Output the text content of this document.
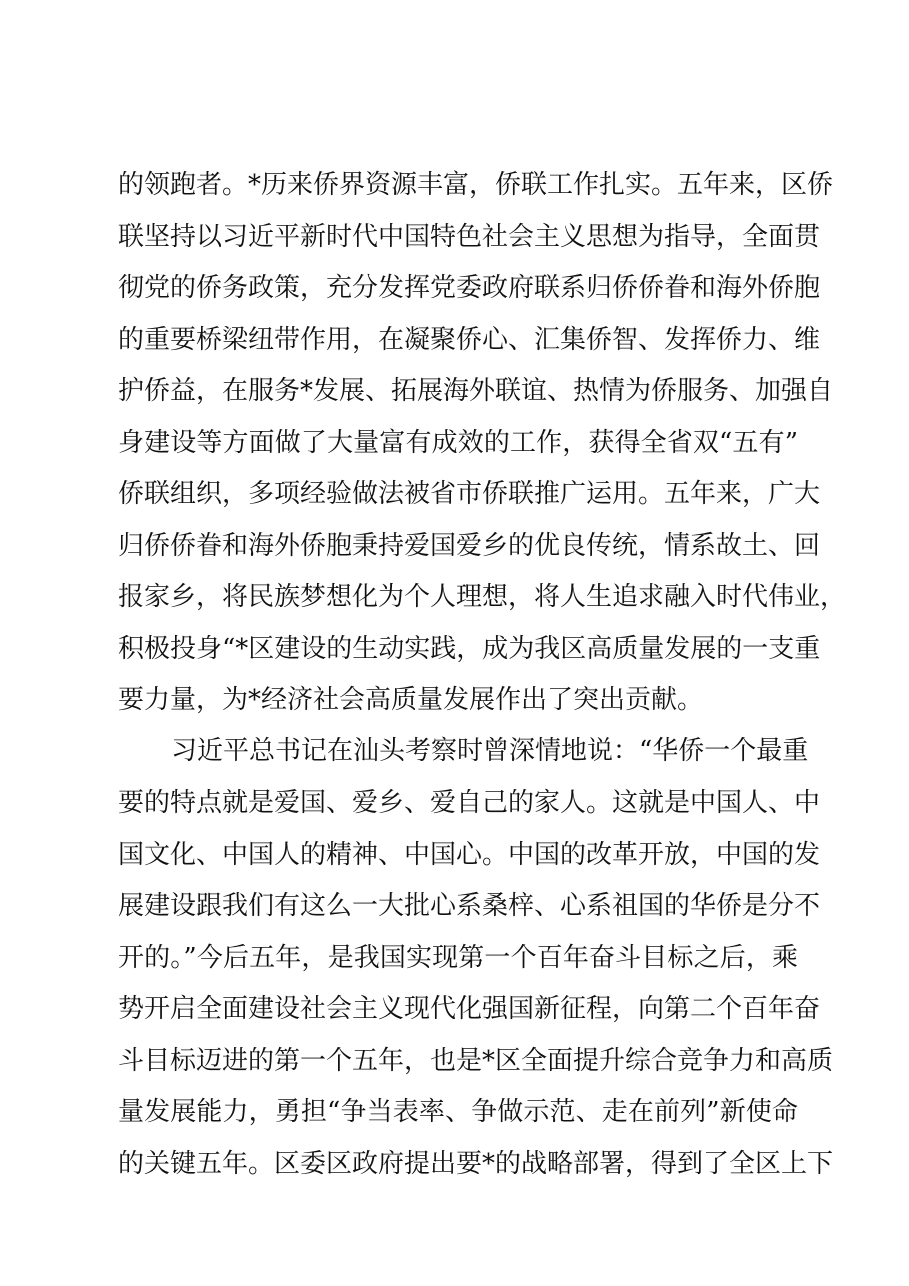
的领跑者。*历来侨界资源丰富，侨联工作扎实。五年来，区侨
联坚持以习近平新时代中国特色社会主义思想为指导，全面贯
彻党的侨务政策，充分发挥党委政府联系归侨侨眷和海外侨胞
的重要桥梁纽带作用，在凝聚侨心、汇集侨智、发挥侨力、维
护侨益，在服务*发展、拓展海外联谊、热情为侨服务、加强自
身建设等方面做了大量富有成效的工作，获得全省双“五有”
侨联组织，多项经验做法被省市侨联推广运用。五年来，广大
归侨侨眷和海外侨胞秉持爱国爱乡的优良传统，情系故土、回
报家乡，将民族梦想化为个人理想，将人生追求融入时代伟业，
积极投身“*区建设的生动实践，成为我区高质量发展的一支重
要力量，为*经济社会高质量发展作出了突出贡献。
习近平总书记在汕头考察时曾深情地说：“华侨一个最重
要的特点就是爱国、爱乡、爱自己的家人。这就是中国人、中
国文化、中国人的精神、中国心。中国的改革开放，中国的发
展建设跟我们有这么一大批心系桑梓、心系祖国的华侨是分不
开的。”今后五年，是我国实现第一个百年奋斗目标之后，乘
势开启全面建设社会主义现代化强国新征程，向第二个百年奋
斗目标迈进的第一个五年，也是*区全面提升综合竞争力和高质
量发展能力，勇担“争当表率、争做示范、走在前列”新使命
的关键五年。区委区政府提出要*的战略部署，得到了全区上下
